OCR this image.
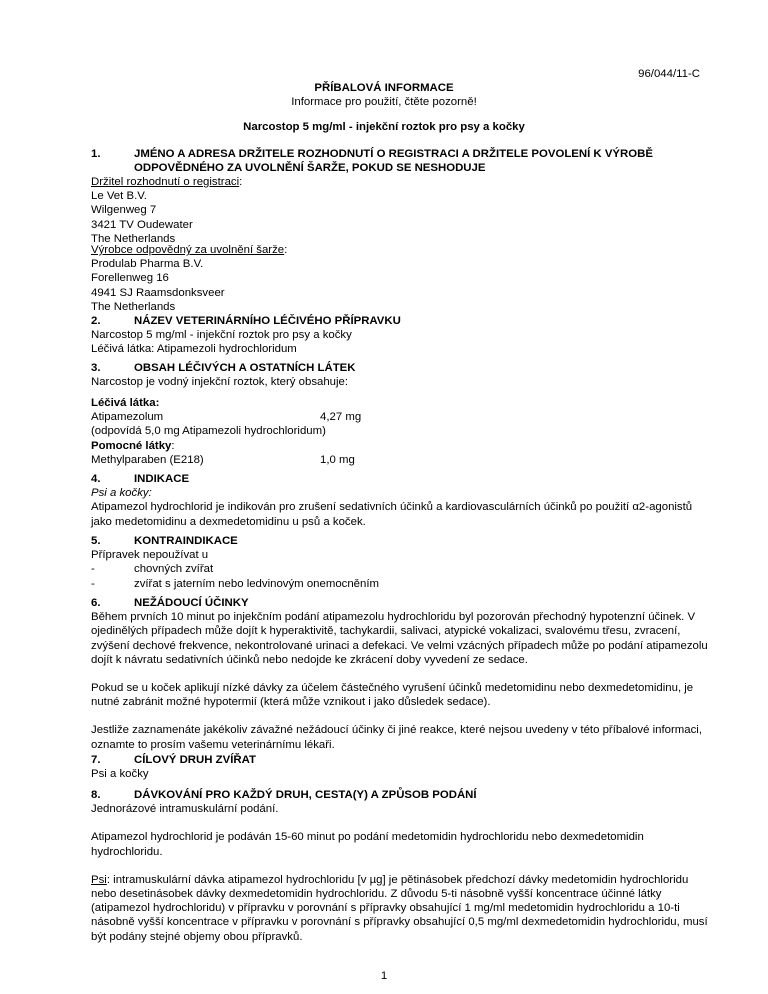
96/044/11-C
PŘÍBALOVÁ INFORMACE
Informace pro použití, čtěte pozorně!
Narcostop 5 mg/ml - injekční roztok pro psy a kočky
1.	JMÉNO A ADRESA DRŽITELE ROZHODNUTÍ O REGISTRACI A DRŽITELE POVOLENÍ K VÝROBĚ ODPOVĚDNÉHO ZA UVOLNĚNÍ ŠARŽE, POKUD SE NESHODUJE

Držitel rozhodnutí o registraci:

Le Vet B.V.

Wilgenweg 7

3421 TV Oudewater

The Netherlands

Výrobce odpovědný za uvolnění šarže:

Produlab Pharma B.V.

Forellenweg 16

4941 SJ Raamsdonksveer

The Netherlands

2.	NÁZEV VETERINÁRNÍHO LÉČIVÉHO PŘÍPRAVKU

Narcostop 5 mg/ml - injekční roztok pro psy a kočky

Léčivá látka: Atipamezoli hydrochloridum

3.	OBSAH LÉČIVÝCH A OSTATNÍCH LÁTEK

Narcostop je vodný injekční roztok, který obsahuje:

Léčivá látka:

Atipamezolum	4,27 mg

(odpovídá 5,0 mg Atipamezoli hydrochloridum)

Pomocné látky:

Methylparaben (E218)	1,0 mg
4.	INDIKACE

Psi a kočky:

Atipamezol hydrochlorid je indikován pro zrušení sedativních účinků a kardiovasculárních účinků po použití α2-agonistů jako medetomidinu a dexmedetomidinu u psů a koček.

5.	KONTRAINDIKACE

Přípravek nepoužívat u

-	chovných zvířat

-	zvířat s jaterním nebo ledvinovým onemocněním

6.	NEŽÁDOUCÍ ÚČINKY

Během prvních 10 minut po injekčním podání atipamezolu hydrochloridu byl pozorován přechodný hypotenzní účinek. V ojedinělých případech může dojít k hyperaktivitě, tachykardii, salivaci, atypické vokalizaci, svalovému třesu, zvracení, zvýšení dechové frekvence, nekontrolované urinaci a defekaci. Ve velmi vzácných případech může po podání atipamezolu dojít k návratu sedativních účinků nebo nedojde ke zkrácení doby vyvedení ze sedace.

Pokud se u koček aplikují nízké dávky za účelem částečného vyrušení účinků medetomidinu nebo dexmedetomidinu, je nutné zabránit možné hypotermií (která může vznikout i jako důsledek sedace).

Jestliže zaznamenáte jakékoliv závažné nežádoucí účinky či jiné reakce, které nejsou uvedeny v této příbalové informaci, oznamte to prosím vašemu veterinárnímu lékaři.

7.	CÍLOVÝ DRUH ZVÍŘAT

Psi a kočky

8.	DÁVKOVÁNÍ PRO KAŽDÝ DRUH, CESTA(Y) A ZPŮSOB PODÁNÍ

Jednorázové intramuskulární podání.

Atipamezol hydrochlorid je podáván 15-60 minut po podání medetomidin hydrochloridu nebo dexmedetomidin hydrochloridu.

Psi: intramuskulární dávka atipamezol hydrochloridu [v µg] je pětinásobek předchozí dávky medetomidin hydrochloridu nebo desetinásobek dávky dexmedetomidin hydrochloridu. Z důvodu 5-ti násobně vyšší koncentrace účinné látky (atipamezol hydrochloridu) v přípravku v porovnání s přípravky obsahující 1 mg/ml medetomidin hydrochloridu a 10-ti násobně vyšší koncentrace v přípravku v porovnání s přípravky obsahující 0,5 mg/ml dexmedetomidin hydrochloridu, musí být podány stejné objemy obou přípravků.

1
